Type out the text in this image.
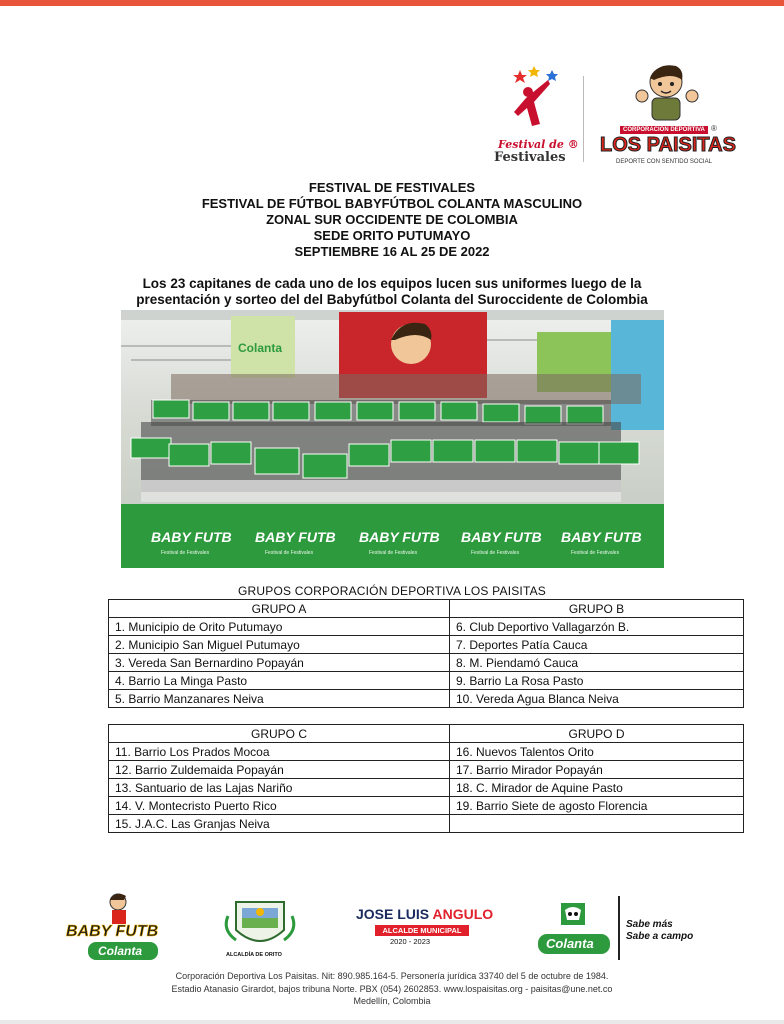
Festival de ®
Festivales
CORPORACIÓN DEPORTIVA ®
LOS PAISITAS
DEPORTE CON SENTIDO SOCIAL
FESTIVAL DE FESTIVALES
FESTIVAL DE FÚTBOL BABYFÚTBOL COLANTA MASCULINO
ZONAL SUR OCCIDENTE DE COLOMBIA
SEDE ORITO PUTUMAYO
SEPTIEMBRE 16 AL 25 DE 2022
Los 23 capitanes de cada uno de los equipos lucen sus uniformes luego de la presentación y sorteo del del Babyfútbol Colanta del Suroccidente de Colombia
Colanta
BABY FUTB BABY FUTB BABY FUTB BABY FUTB BABY FUTB
Festival de Festivales	Festival de Festivales	Festival de Festivales	Festival de Festivales	Festival de Festivales
GRUPOS CORPORACIÓN DEPORTIVA LOS PAISITAS
GRUPO A	GRUPO B
1. Municipio de Orito Putumayo	6. Club Deportivo Vallagarzón B.
2. Municipio San Miguel Putumayo	7. Deportes Patía Cauca
3. Vereda San Bernardino Popayán	8. M. Piendamó Cauca
4. Barrio La Minga Pasto	9. Barrio La Rosa Pasto
5. Barrio Manzanares Neiva	10. Vereda Agua Blanca Neiva
GRUPO C	GRUPO D
11. Barrio Los Prados Mocoa	16. Nuevos Talentos Orito
12. Barrio Zuldemaida Popayán	17. Barrio Mirador Popayán
13. Santuario de las Lajas Nariño	18. C. Mirador de Aquine Pasto
14. V. Montecristo Puerto Rico	19. Barrio Siete de agosto Florencia
15. J.A.C. Las Granjas Neiva	
BABY FUTB
Colanta	ALCALDÍA DE ORITO
JOSE LUIS ANGULO
ALCALDE MUNICIPAL
2020 - 2023	Colanta
Sabe más
Sabe a campo
Corporación Deportiva Los Paisitas. Nit: 890.985.164-5. Personería jurídica 33740 del 5 de octubre de 1984.
Estadio Atanasio Girardot, bajos tribuna Norte. PBX (054) 2602853. www.lospaisitas.org - paisitas@une.net.co
Medellín, Colombia
